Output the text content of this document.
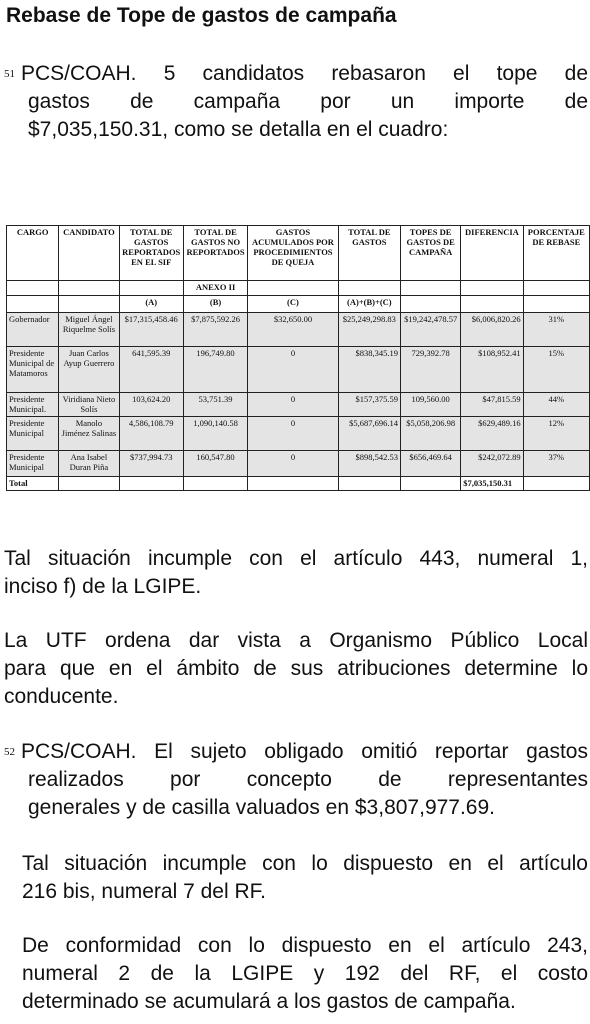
Rebase de Tope de gastos de campaña

51 PCS/COAH. 5 candidatos rebasaron el tope de
gastos de campaña por un importe de
$7,035,150.31, como se detalla en el cuadro:

CARGO	CANDIDATO	TOTAL DE GASTOS REPORTADOS EN EL SIF	TOTAL DE GASTOS NO REPORTADOS	GASTOS ACUMULADOS POR PROCEDIMIENTOS DE QUEJA	TOTAL DE GASTOS	TOPES DE GASTOS DE CAMPAÑA	DIFERENCIA	PORCENTAJE DE REBASE
			ANEXO II					
		(A)	(B)	(C)	(A)+(B)+(C)			
Gobernador	Miguel Ángel Riquelme Solís	$17,315,458.46	$7,875,592.26	$32,650.00	$25,249,298.83	$19,242,478.57	$6,006,820.26	31%
Presidente Municipal de Matamoros	Juan Carlos Ayup Guerrero	641,595.39	196,749.80	0	$838,345.19	729,392.78	$108,952.41	15%
Presidente Municipal.	Viridiana Nieto Solís	103,624.20	53,751.39	0	$157,375.59	109,560.00	$47,815.59	44%
Presidente Municipal	Manolo Jiménez Salinas	4,586,108.79	1,090,140.58	0	$5,687,696.14	$5,058,206.98	$629,489.16	12%
Presidente Municipal	Ana Isabel Duran Piña	$737,994.73	160,547.80	0	$898,542.53	$656,469.64	$242,072.89	37%
Total							$7,035,150.31	

Tal situación incumple con el artículo 443, numeral 1,
inciso f) de la LGIPE.

La UTF ordena dar vista a Organismo Público Local
para que en el ámbito de sus atribuciones determine lo
conducente.

52 PCS/COAH. El sujeto obligado omitió reportar gastos
realizados por concepto de representantes
generales y de casilla valuados en $3,807,977.69.

Tal situación incumple con lo dispuesto en el artículo
216 bis, numeral 7 del RF.

De conformidad con lo dispuesto en el artículo 243,
numeral 2 de la LGIPE y 192 del RF, el costo
determinado se acumulará a los gastos de campaña.
